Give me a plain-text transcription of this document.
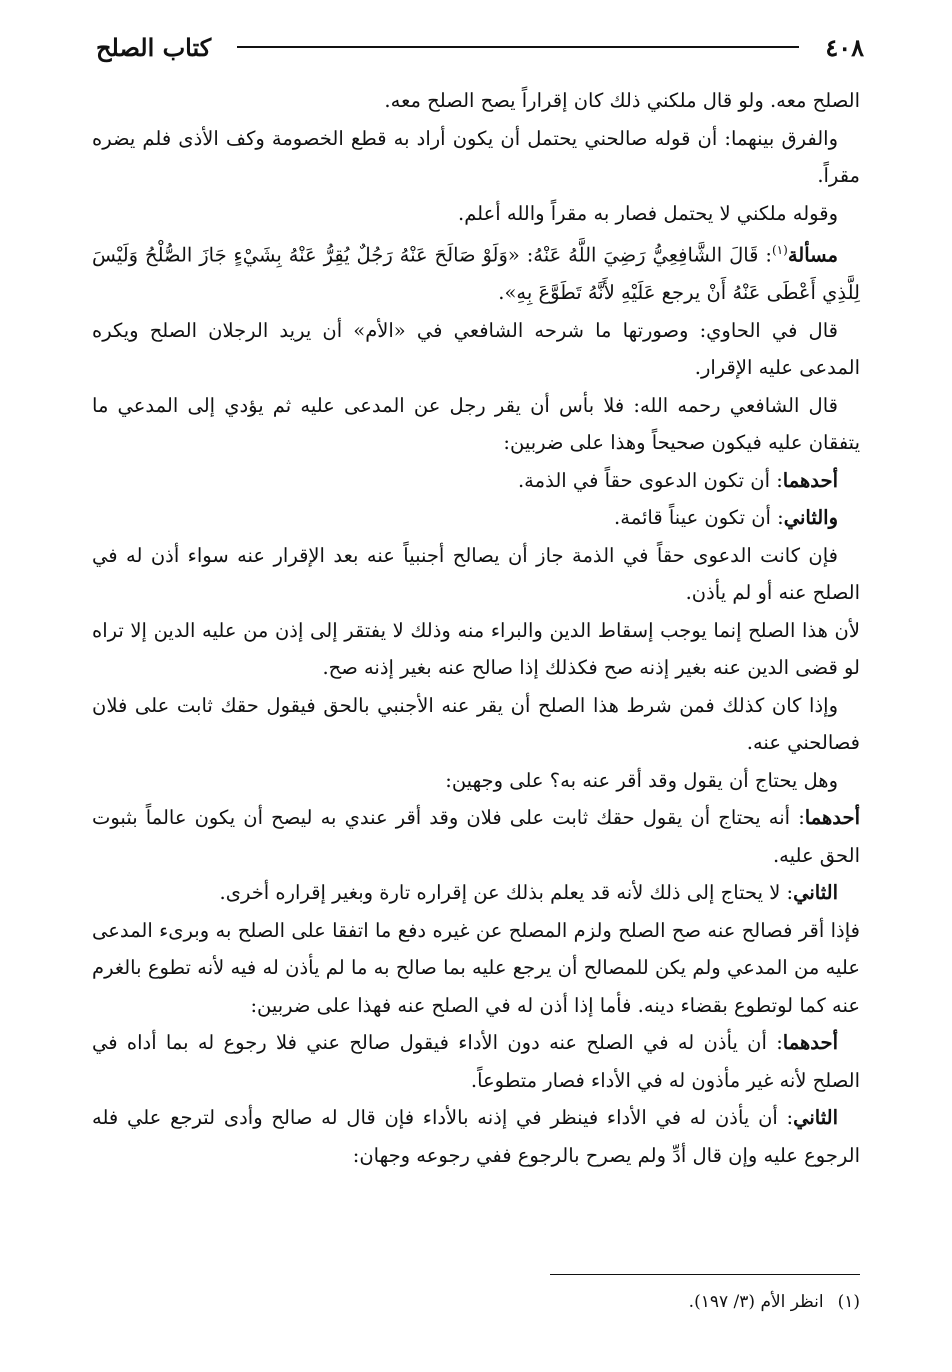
٤٠٨
كتاب الصلح

الصلح معه. ولو قال ملكني ذلك كان إقراراً يصح الصلح معه.

والفرق بينهما: أن قوله صالحني يحتمل أن يكون أراد به قطع الخصومة وكف الأذى فلم يضره مقراً.

وقوله ملكني لا يحتمل فصار به مقراً والله أعلم.

مسألة$^{(١)}$: قَالَ الشَّافِعِيُّ رَضِيَ اللَّهُ عَنْهُ: «وَلَوْ صَالَحَ عَنْهُ رَجُلٌ يُقِرُّ عَنْهُ بِشَيْءٍ جَازَ الصُّلْحُ وَلَيْسَ لِلَّذِي أَعْطَى عَنْهُ أَنْ يرجع عَلَيْهِ لأَنَّهُ تَطَوَّعَ بِهِ».

قال في الحاوي: وصورتها ما شرحه الشافعي في «الأم» أن يريد الرجلان الصلح ويكره المدعى عليه الإقرار.

قال الشافعي رحمه الله: فلا بأس أن يقر رجل عن المدعى عليه ثم يؤدي إلى المدعي ما يتفقان عليه فيكون صحيحاً وهذا على ضربين:

أحدهما: أن تكون الدعوى حقاً في الذمة.

والثاني: أن تكون عيناً قائمة.

فإن كانت الدعوى حقاً في الذمة جاز أن يصالح أجنبياً عنه بعد الإقرار عنه سواء أذن له في الصلح عنه أو لم يأذن.

لأن هذا الصلح إنما يوجب إسقاط الدين والبراء منه وذلك لا يفتقر إلى إذن من عليه الدين إلا تراه لو قضى الدين عنه بغير إذنه صح فكذلك إذا صالح عنه بغير إذنه صح.

وإذا كان كذلك فمن شرط هذا الصلح أن يقر عنه الأجنبي بالحق فيقول حقك ثابت على فلان فصالحني عنه.

وهل يحتاج أن يقول وقد أقر عنه به؟ على وجهين:

أحدهما: أنه يحتاج أن يقول حقك ثابت على فلان وقد أقر عندي به ليصح أن يكون عالماً بثبوت الحق عليه.

الثاني: لا يحتاج إلى ذلك لأنه قد يعلم بذلك عن إقراره تارة وبغير إقراره أخرى.

فإذا أقر فصالح عنه صح الصلح ولزم المصلح عن غيره دفع ما اتفقا على الصلح به وبرىء المدعى عليه من المدعي ولم يكن للمصالح أن يرجع عليه بما صالح به ما لم يأذن له فيه لأنه تطوع بالغرم عنه كما لوتطوع بقضاء دينه. فأما إذا أذن له في الصلح عنه فهذا على ضربين:

أحدهما: أن يأذن له في الصلح عنه دون الأداء فيقول صالح عني فلا رجوع له بما أداه في الصلح لأنه غير مأذون له في الأداء فصار متطوعاً.

الثاني: أن يأذن له في الأداء فينظر في إذنه بالأداء فإن قال له صالح وأدى لترجع علي فله الرجوع عليه وإن قال أدِّ ولم يصرح بالرجوع ففي رجوعه وجهان:

(١)انظر الأم (٣/ ١٩٧).
